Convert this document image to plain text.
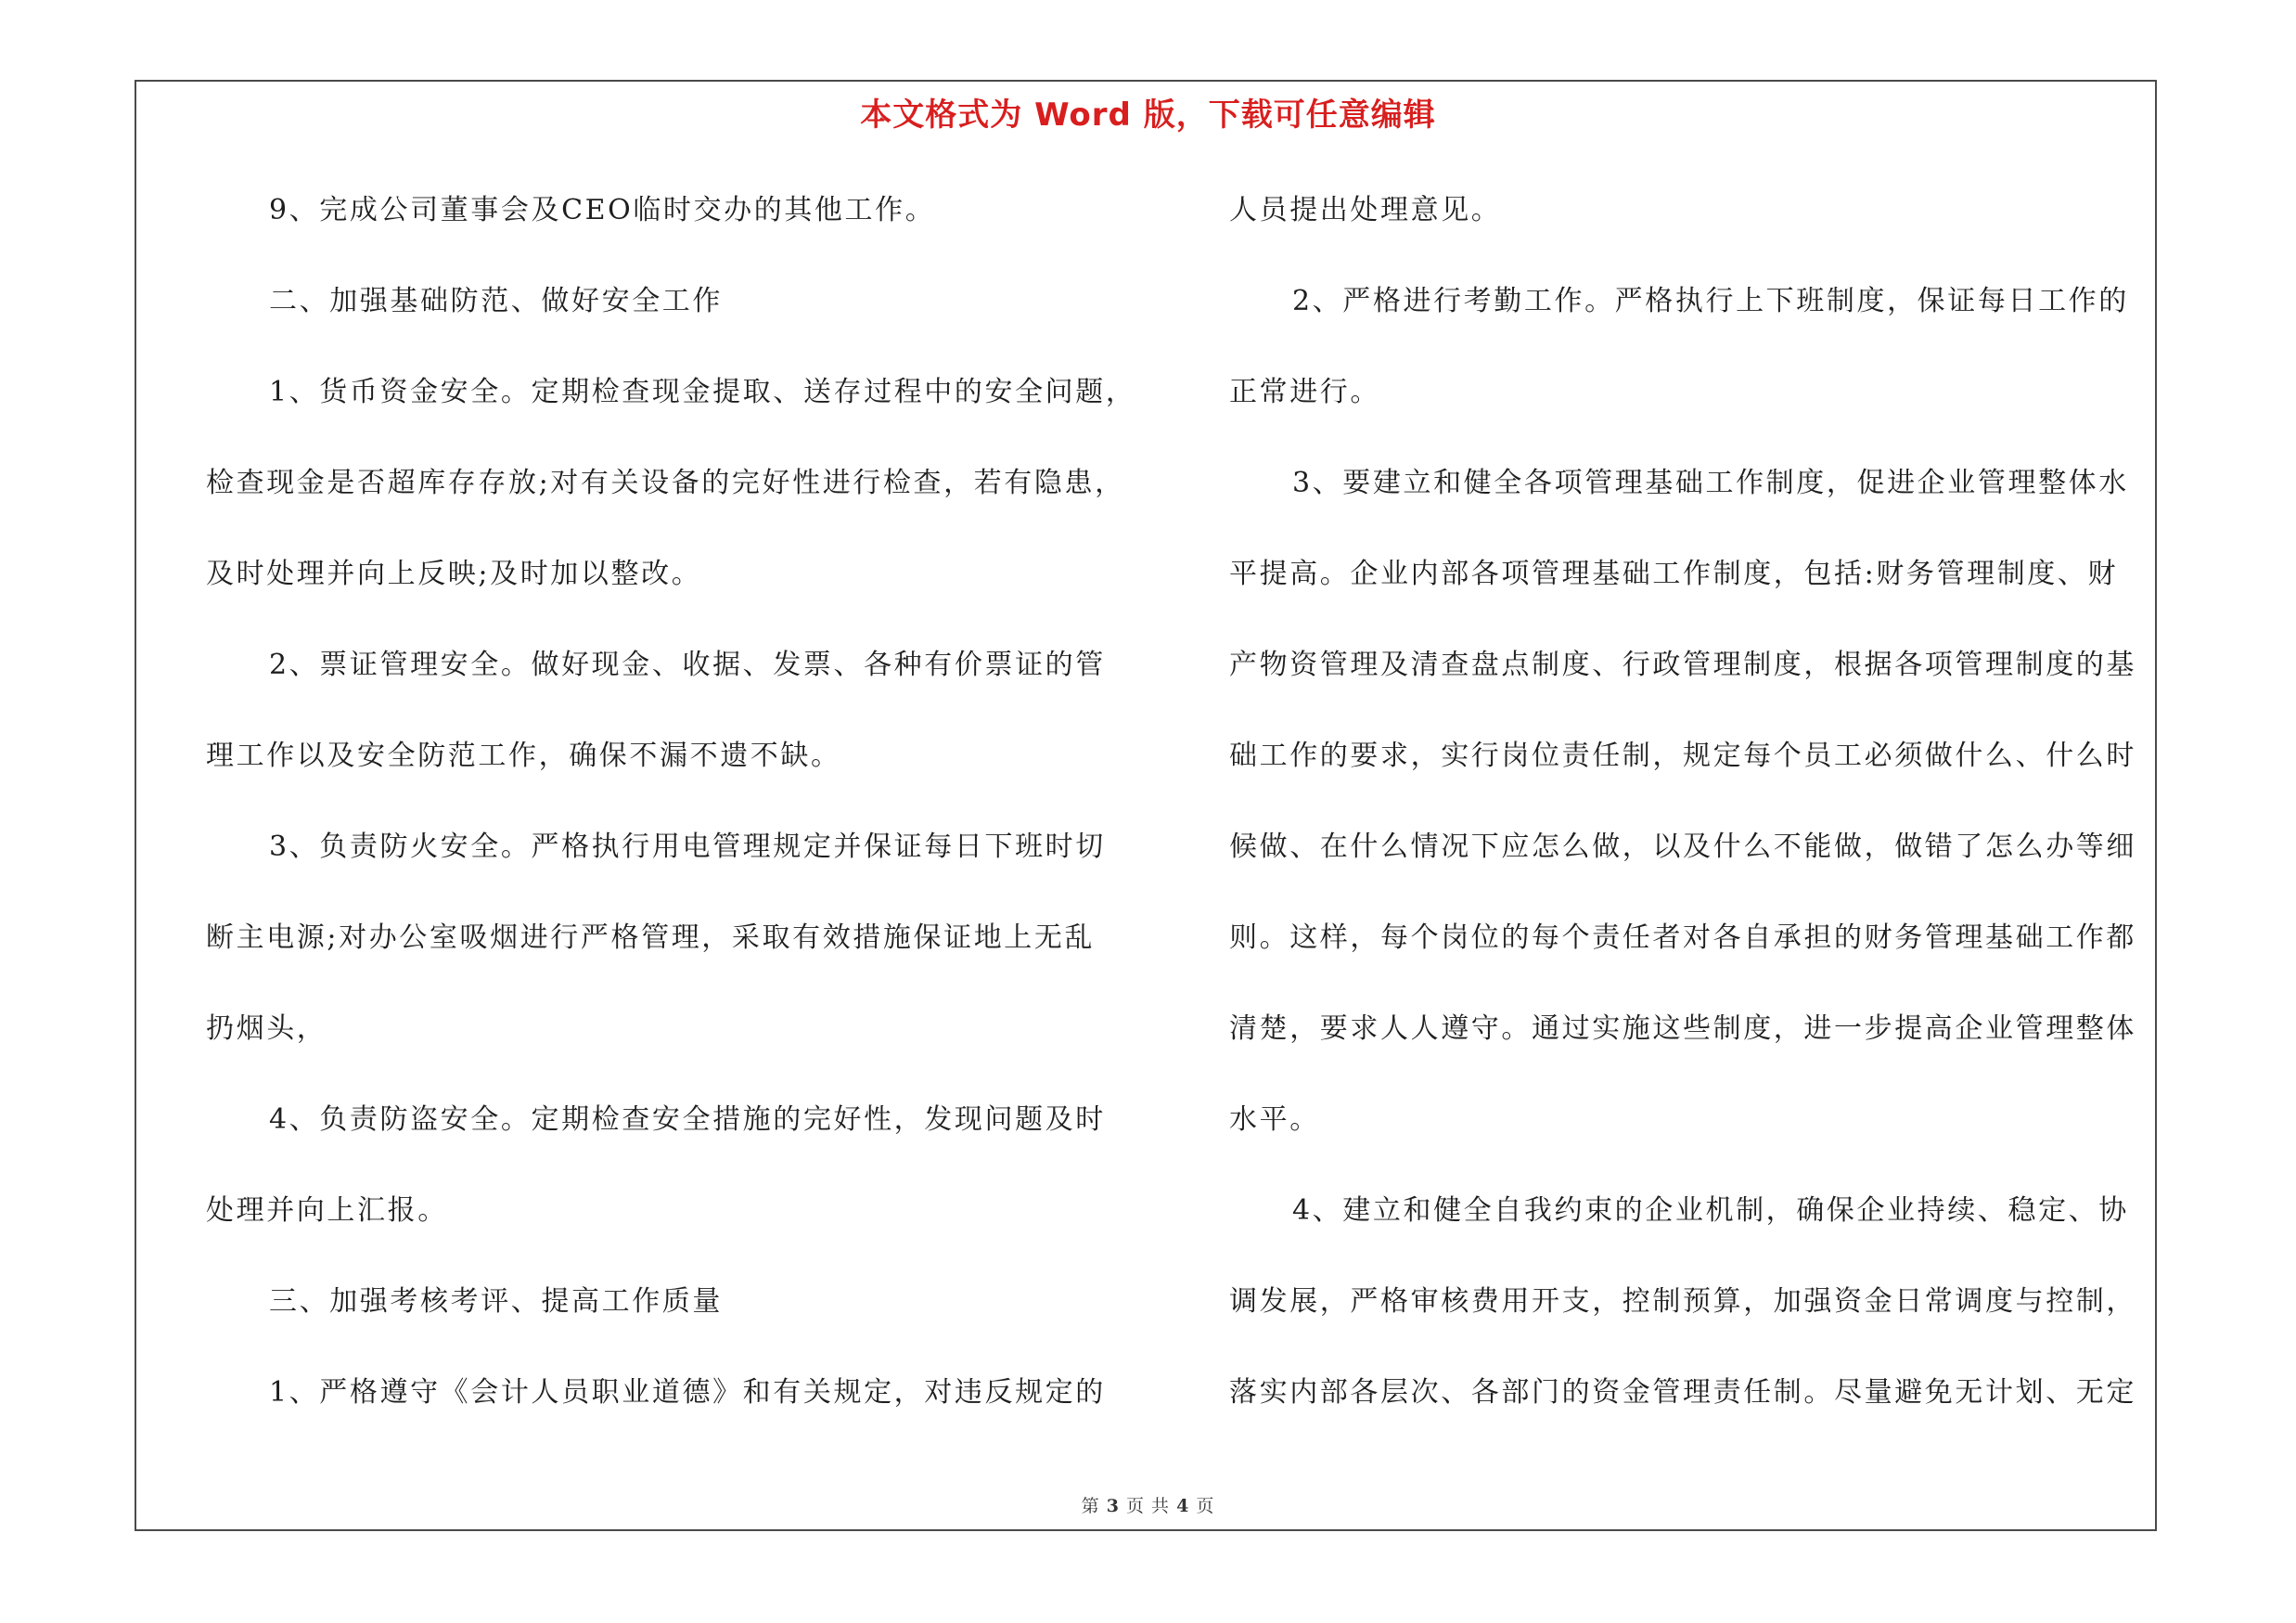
本文格式为 Word 版，下载可任意编辑
9、完成公司董事会及CEO临时交办的其他工作。
二、加强基础防范、做好安全工作
1、货币资金安全。定期检查现金提取、送存过程中的安全问题，
检查现金是否超库存存放;对有关设备的完好性进行检查，若有隐患，
及时处理并向上反映;及时加以整改。
2、票证管理安全。做好现金、收据、发票、各种有价票证的管
理工作以及安全防范工作，确保不漏不遗不缺。
3、负责防火安全。严格执行用电管理规定并保证每日下班时切
断主电源;对办公室吸烟进行严格管理，采取有效措施保证地上无乱
扔烟头，
4、负责防盗安全。定期检查安全措施的完好性，发现问题及时
处理并向上汇报。
三、加强考核考评、提高工作质量
1、严格遵守《会计人员职业道德》和有关规定，对违反规定的
人员提出处理意见。
2、严格进行考勤工作。严格执行上下班制度，保证每日工作的
正常进行。
3、要建立和健全各项管理基础工作制度，促进企业管理整体水
平提高。企业内部各项管理基础工作制度，包括:财务管理制度、财
产物资管理及清查盘点制度、行政管理制度，根据各项管理制度的基
础工作的要求，实行岗位责任制，规定每个员工必须做什么、什么时
候做、在什么情况下应怎么做，以及什么不能做，做错了怎么办等细
则。这样，每个岗位的每个责任者对各自承担的财务管理基础工作都
清楚，要求人人遵守。通过实施这些制度，进一步提高企业管理整体
水平。
4、建立和健全自我约束的企业机制，确保企业持续、稳定、协
调发展，严格审核费用开支，控制预算，加强资金日常调度与控制，
落实内部各层次、各部门的资金管理责任制。尽量避免无计划、无定
第 3 页 共 4 页
